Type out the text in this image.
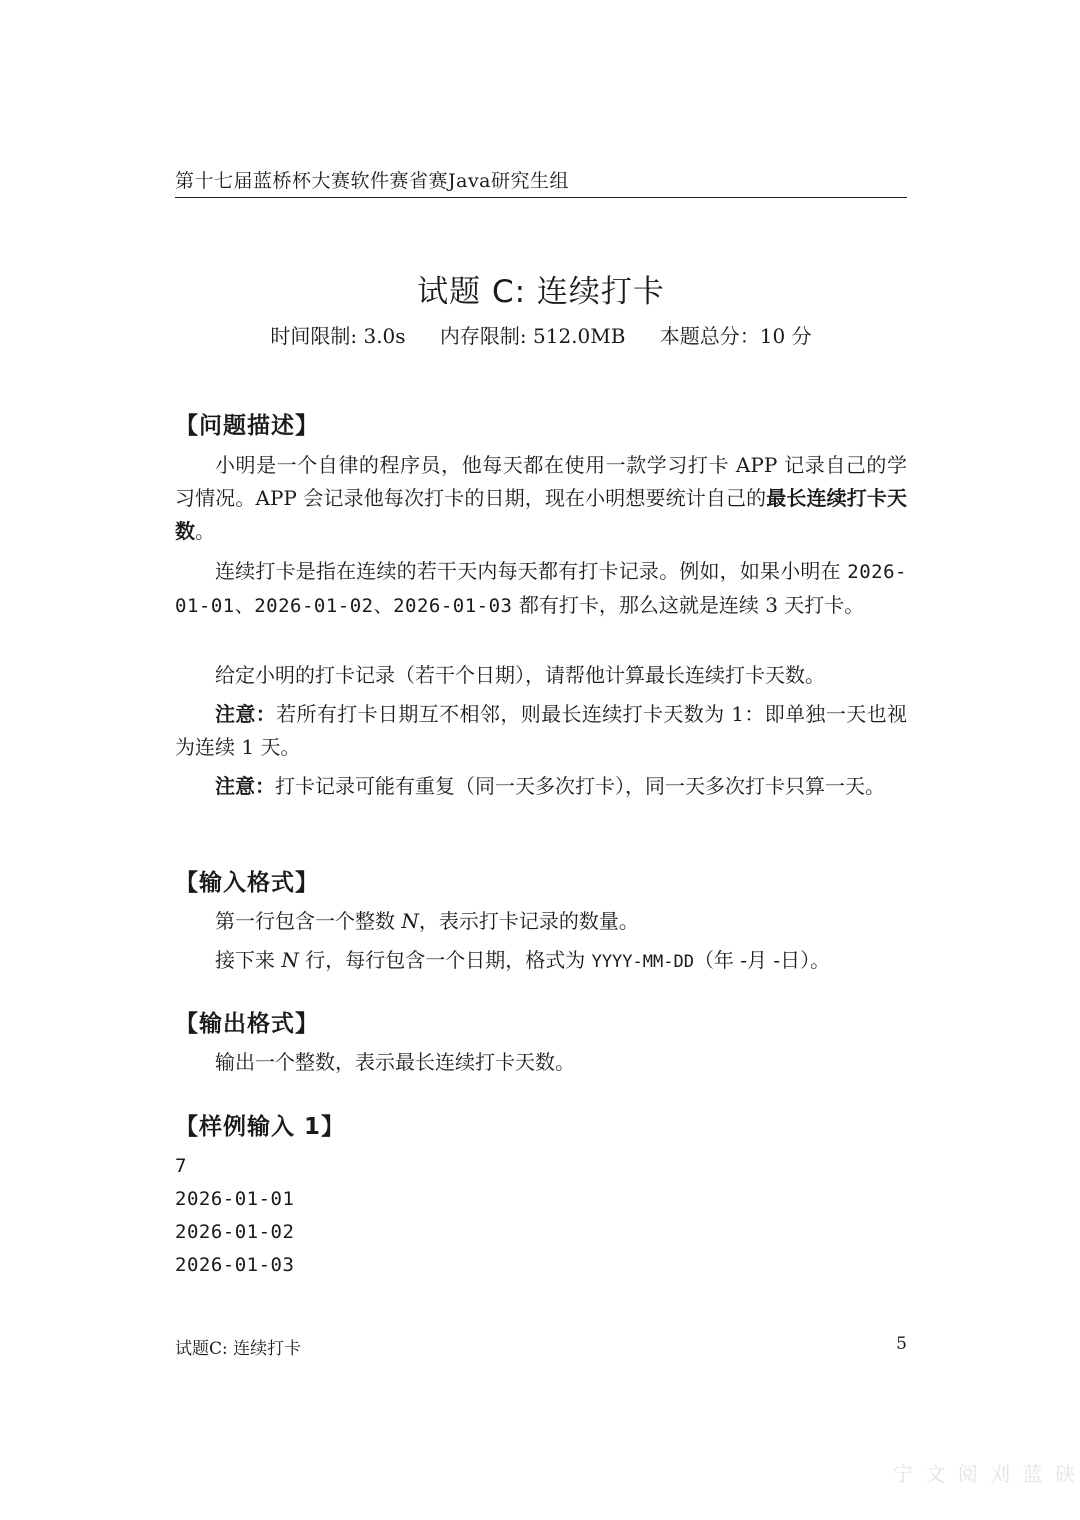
第十七届蓝桥杯大赛软件赛省赛Java研究生组
试题 C: 连续打卡
时间限制: 3.0s 内存限制: 512.0MB 本题总分：10 分
【问题描述】
小明是一个自律的程序员，他每天都在使用一款学习打卡 APP 记录自己的学习情况。APP 会记录他每次打卡的日期，现在小明想要统计自己的最长连续打卡天数。
连续打卡是指在连续的若干天内每天都有打卡记录。例如，如果小明在 2026-01-01、2026-01-02、2026-01-03 都有打卡，那么这就是连续 3 天打卡。
给定小明的打卡记录（若干个日期），请帮他计算最长连续打卡天数。
注意：若所有打卡日期互不相邻，则最长连续打卡天数为 1：即单独一天也视为连续 1 天。
注意：打卡记录可能有重复（同一天多次打卡），同一天多次打卡只算一天。
【输入格式】
第一行包含一个整数 N，表示打卡记录的数量。
接下来 N 行，每行包含一个日期，格式为 YYYY-MM-DD（年 -月 -日）。
【输出格式】
输出一个整数，表示最长连续打卡天数。
【样例输入 1】
7
2026-01-01
2026-01-02
2026-01-03
试题C: 连续打卡	5
宁 文 阅 刈 蓝 硖
